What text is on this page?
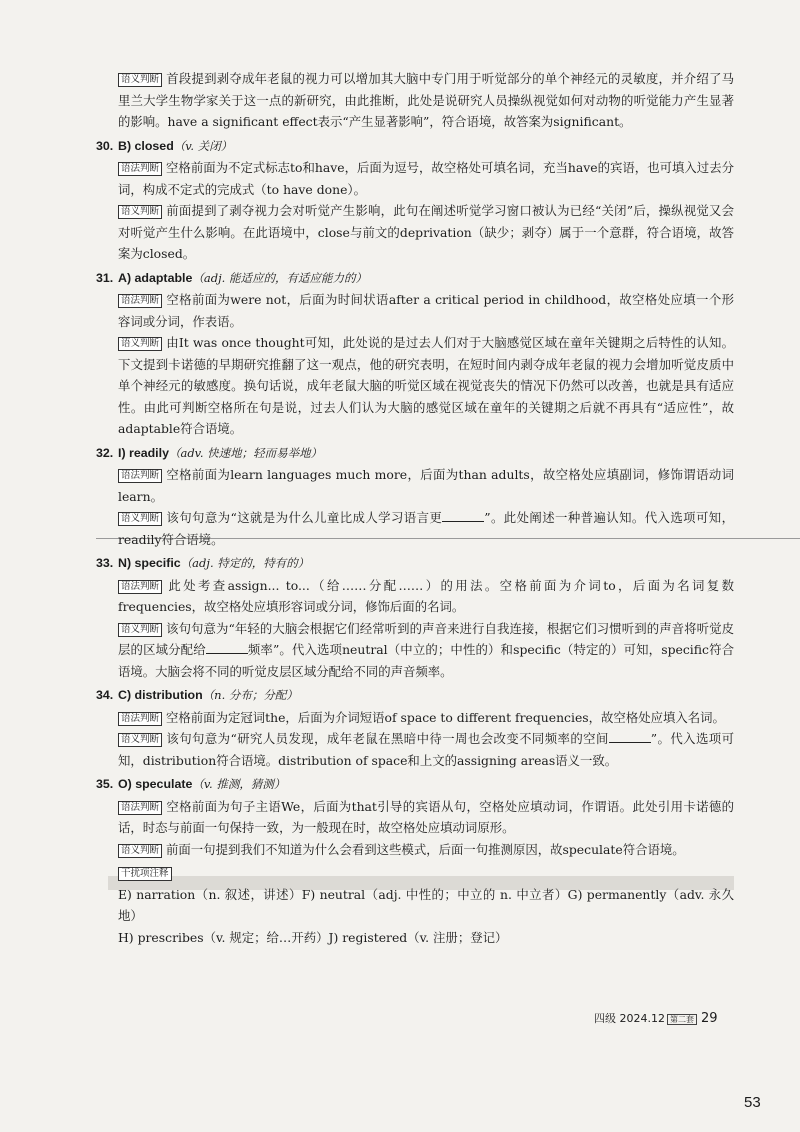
语义判断 首段提到剥夺成年老鼠的视力可以增加其大脑中专门用于听觉部分的单个神经元的灵敏度，并介绍了马里兰大学生物学家关于这一点的新研究，由此推断，此处是说研究人员操纵视觉如何对动物的听觉能力产生显著的影响。have a significant effect表示“产生显著影响”，符合语境，故答案为significant。

30. B) closed（v. 关闭）

语法判断 空格前面为不定式标志to和have，后面为逗号，故空格处可填名词，充当have的宾语，也可填入过去分词，构成不定式的完成式（to have done）。

语义判断 前面提到了剥夺视力会对听觉产生影响，此句在阐述听觉学习窗口被认为已经“关闭”后，操纵视觉又会对听觉产生什么影响。在此语境中，close与前文的deprivation（缺少；剥夺）属于一个意群，符合语境，故答案为closed。

31. A) adaptable（adj. 能适应的，有适应能力的）

语法判断 空格前面为were not，后面为时间状语after a critical period in childhood，故空格处应填一个形容词或分词，作表语。

语义判断 由It was once thought可知，此处说的是过去人们对于大脑感觉区域在童年关键期之后特性的认知。下文提到卡诺德的早期研究推翻了这一观点，他的研究表明，在短时间内剥夺成年老鼠的视力会增加听觉皮质中单个神经元的敏感度。换句话说，成年老鼠大脑的听觉区域在视觉丧失的情况下仍然可以改善，也就是具有适应性。由此可判断空格所在句是说，过去人们认为大脑的感觉区域在童年的关键期之后就不再具有“适应性”，故adaptable符合语境。

32. I) readily（adv. 快速地；轻而易举地）

语法判断 空格前面为learn languages much more，后面为than adults，故空格处应填副词，修饰谓语动词learn。

语义判断 该句句意为“这就是为什么儿童比成人学习语言更	”。此处阐述一种普遍认知。代入选项可知，readily符合语境。

33. N) specific（adj. 特定的，特有的）

语法判断 此处考查assign... to...（给……分配……）的用法。空格前面为介词to，后面为名词复数frequencies，故空格处应填形容词或分词，修饰后面的名词。

语义判断 该句句意为“年轻的大脑会根据它们经常听到的声音来进行自我连接，根据它们习惯听到的声音将听觉皮层的区域分配给	频率”。代入选项neutral（中立的；中性的）和specific（特定的）可知，specific符合语境。大脑会将不同的听觉皮层区域分配给不同的声音频率。

34. C) distribution（n. 分布；分配）

语法判断 空格前面为定冠词the，后面为介词短语of space to different frequencies，故空格处应填入名词。

语义判断 该句句意为“研究人员发现，成年老鼠在黑暗中待一周也会改变不同频率的空间	”。代入选项可知，distribution符合语境。distribution of space和上文的assigning areas语义一致。

35. O) speculate（v. 推测，猜测）

语法判断 空格前面为句子主语We，后面为that引导的宾语从句，空格处应填动词，作谓语。此处引用卡诺德的话，时态与前面一句保持一致，为一般现在时，故空格处应填动词原形。

语义判断 前面一句提到我们不知道为什么会看到这些模式，后面一句推测原因，故speculate符合语境。

干扰项注释

E) narration（n. 叙述，讲述）F) neutral（adj. 中性的；中立的 n. 中立者）G) permanently（adv. 永久地）

H) prescribes（v. 规定；给…开药）J) registered（v. 注册；登记）

四级 2024.12 第二套 29
53
